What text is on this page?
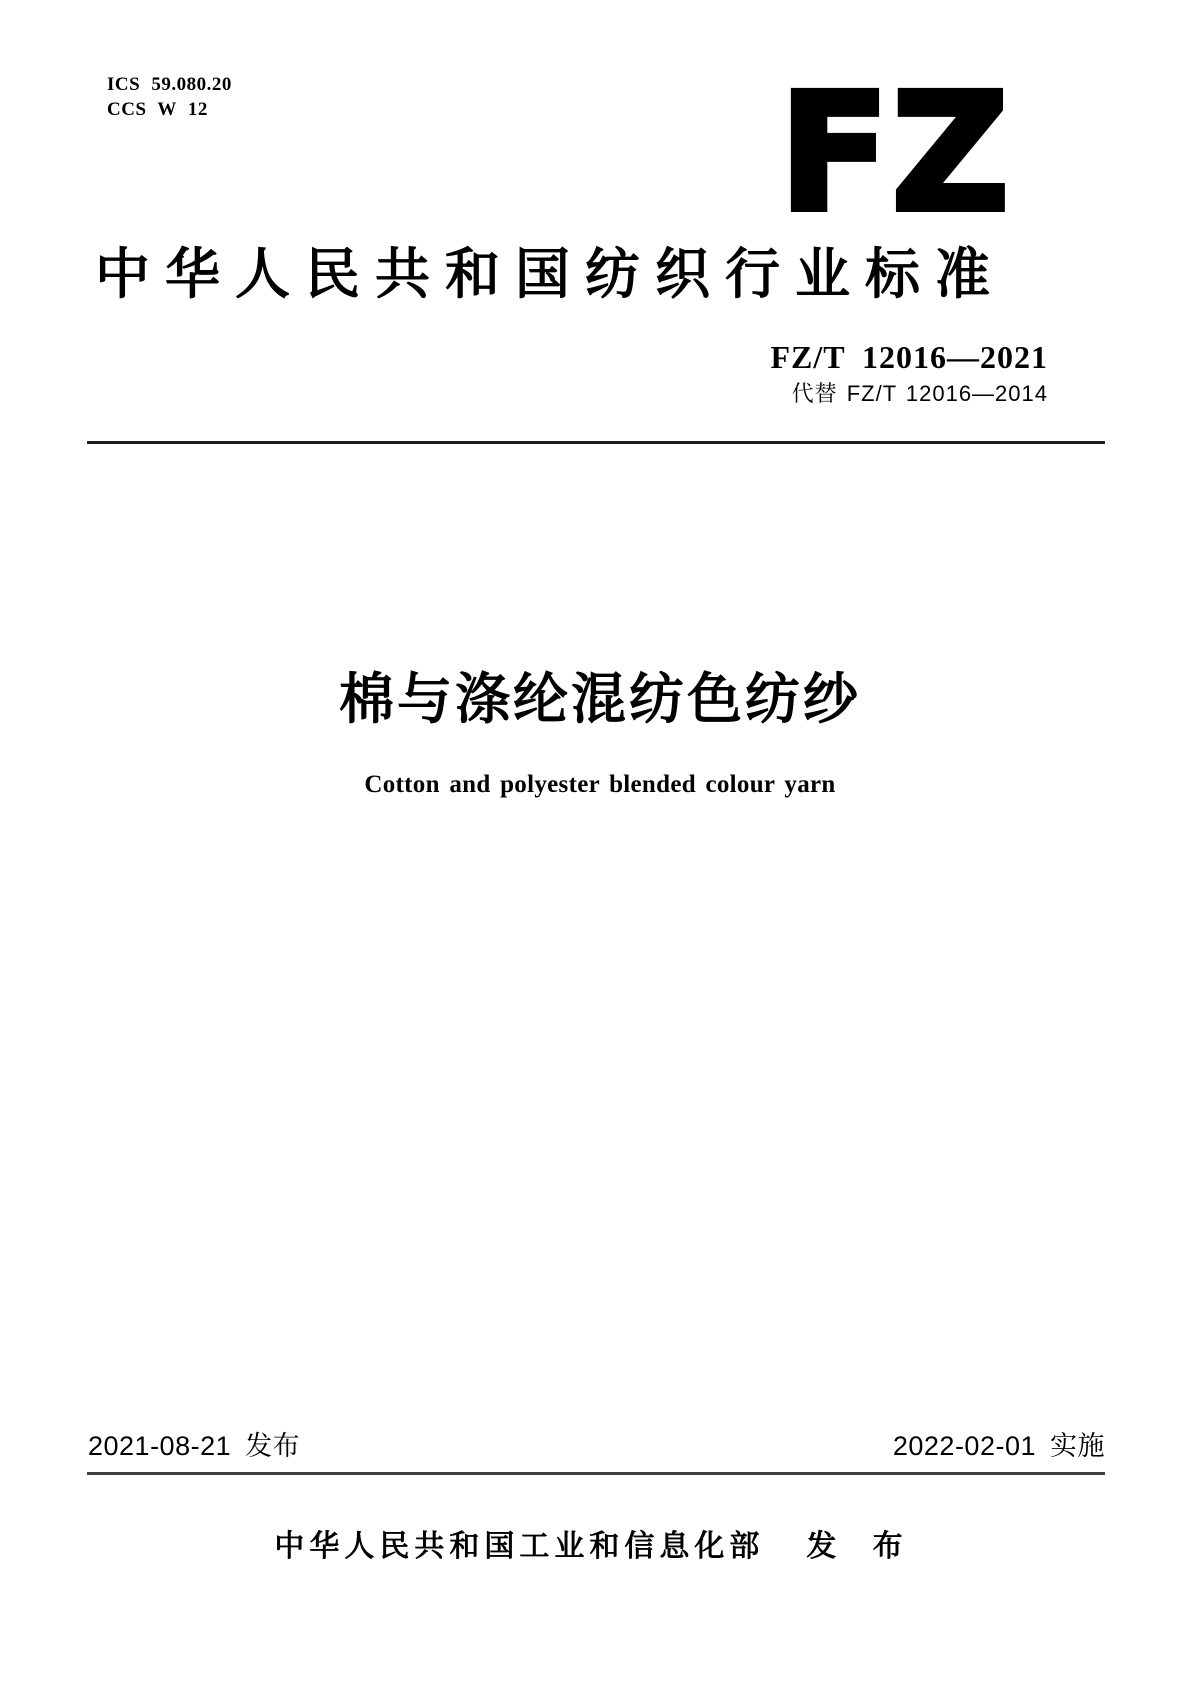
ICS 59.080.20
CCS W 12	FZ
中华人民共和国纺织行业标准
FZ/T 12016—2021
代替 FZ/T 12016—2014
棉与涤纶混纺色纺纱
Cotton and polyester blended colour yarn
2021-08-21 发布	2022-02-01 实施
中华人民共和国工业和信息化部 发 布
